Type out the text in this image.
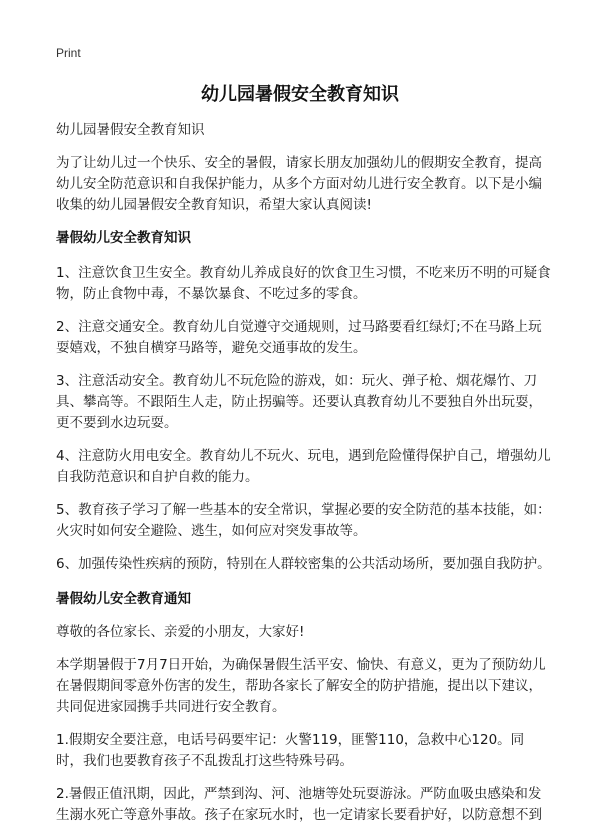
Print
幼儿园暑假安全教育知识

幼儿园暑假安全教育知识

为了让幼儿过一个快乐、安全的暑假，请家长朋友加强幼儿的假期安全教育，提高幼儿安全防范意识和自我保护能力，从多个方面对幼儿进行安全教育。以下是小编收集的幼儿园暑假安全教育知识，希望大家认真阅读!

暑假幼儿安全教育知识

1、注意饮食卫生安全。教育幼儿养成良好的饮食卫生习惯，不吃来历不明的可疑食物，防止食物中毒，不暴饮暴食、不吃过多的零食。

2、注意交通安全。教育幼儿自觉遵守交通规则，过马路要看红绿灯;不在马路上玩耍嬉戏，不独自横穿马路等，避免交通事故的发生。

3、注意活动安全。教育幼儿不玩危险的游戏，如：玩火、弹子枪、烟花爆竹、刀具、攀高等。不跟陌生人走，防止拐骗等。还要认真教育幼儿不要独自外出玩耍，更不要到水边玩耍。

4、注意防火用电安全。教育幼儿不玩火、玩电，遇到危险懂得保护自己，增强幼儿自我防范意识和自护自救的能力。

5、教育孩子学习了解一些基本的安全常识，掌握必要的安全防范的基本技能，如：火灾时如何安全避险、逃生，如何应对突发事故等。

6、加强传染性疾病的预防，特别在人群较密集的公共活动场所，要加强自我防护。

暑假幼儿安全教育通知

尊敬的各位家长、亲爱的小朋友，大家好!

本学期暑假于7月7日开始，为确保暑假生活平安、愉快、有意义，更为了预防幼儿在暑假期间零意外伤害的发生，帮助各家长了解安全的防护措施，提出以下建议，共同促进家园携手共同进行安全教育。

1.假期安全要注意，电话号码要牢记：火警119，匪警110，急救中心120。同时，我们也要教育孩子不乱拨乱打这些特殊号码。

2.暑假正值汛期，因此，严禁到沟、河、池塘等处玩耍游泳。严防血吸虫感染和发生溺水死亡等意外事故。孩子在家玩水时，也一定请家长要看护好，以防意想不到
